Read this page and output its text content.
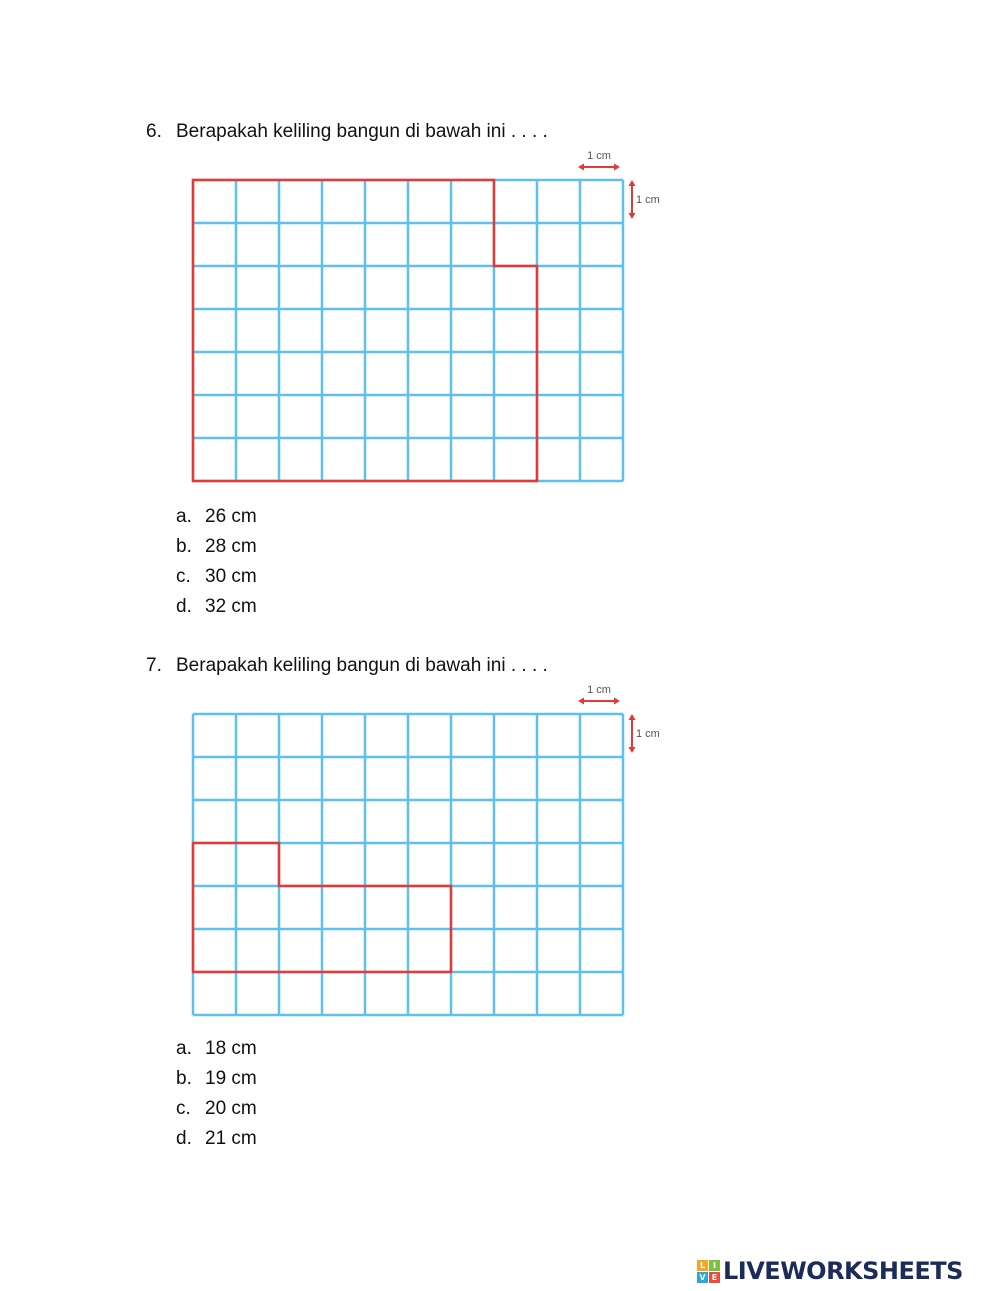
6. Berapakah keliling bangun di bawah ini . . . .
1 cm
1 cm
a. 26 cm
b. 28 cm
c. 30 cm
d. 32 cm
7. Berapakah keliling bangun di bawah ini . . . .
1 cm
1 cm
a. 18 cm
b. 19 cm
c. 20 cm
d. 21 cm
L I
V E LIVEWORKSHEETS
